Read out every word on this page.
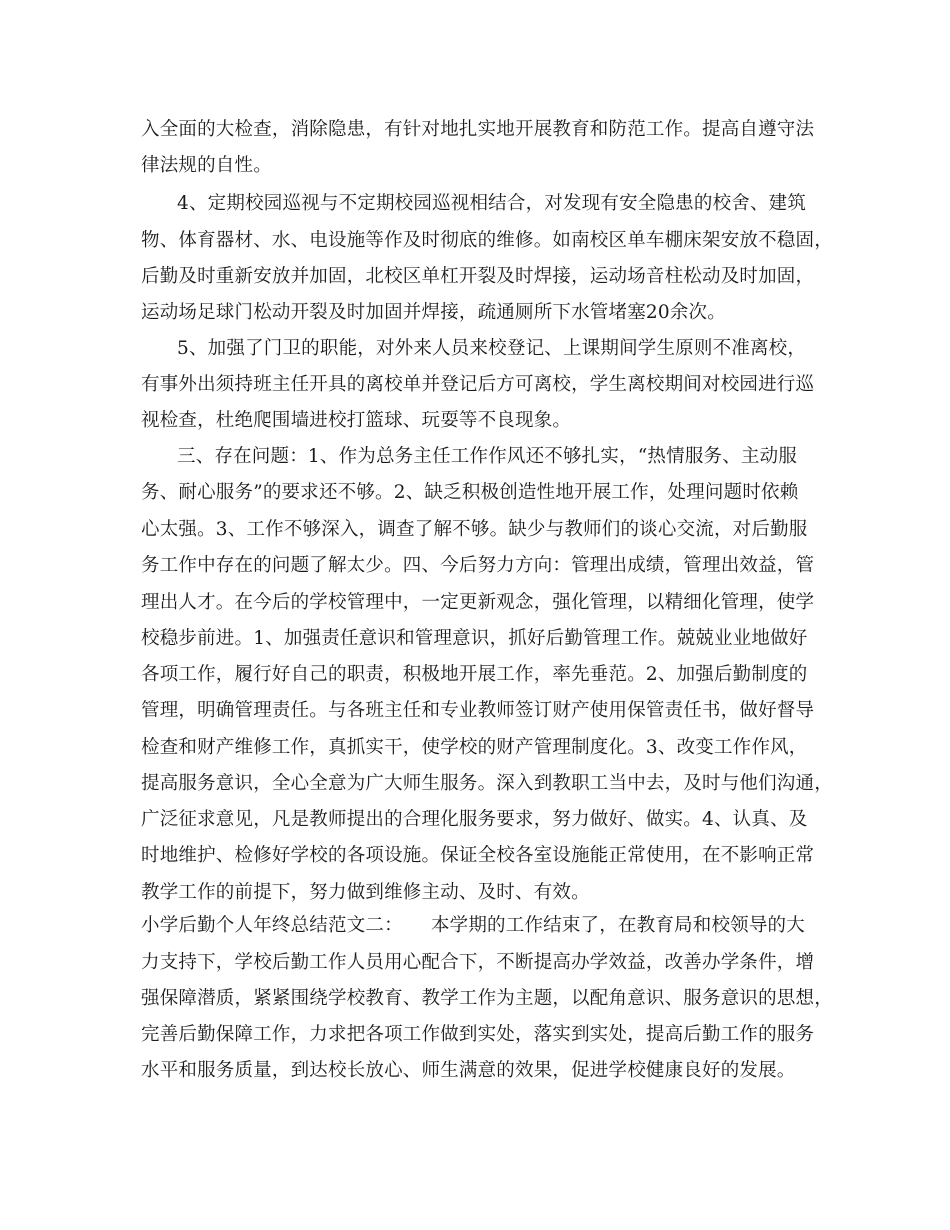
入全面的大检查，消除隐患，有针对地扎实地开展教育和防范工作。提高自遵守法
律法规的自性。
4、定期校园巡视与不定期校园巡视相结合，对发现有安全隐患的校舍、建筑
物、体育器材、水、电设施等作及时彻底的维修。如南校区单车棚床架安放不稳固，
后勤及时重新安放并加固，北校区单杠开裂及时焊接，运动场音柱松动及时加固，
运动场足球门松动开裂及时加固并焊接，疏通厕所下水管堵塞20余次。
5、加强了门卫的职能，对外来人员来校登记、上课期间学生原则不准离校，
有事外出须持班主任开具的离校单并登记后方可离校，学生离校期间对校园进行巡
视检查，杜绝爬围墙进校打篮球、玩耍等不良现象。
三、存在问题：1、作为总务主任工作作风还不够扎实，“热情服务、主动服
务、耐心服务”的要求还不够。2、缺乏积极创造性地开展工作，处理问题时依赖
心太强。3、工作不够深入，调查了解不够。缺少与教师们的谈心交流，对后勤服
务工作中存在的问题了解太少。四、今后努力方向：管理出成绩，管理出效益，管
理出人才。在今后的学校管理中，一定更新观念，强化管理，以精细化管理，使学
校稳步前进。1、加强责任意识和管理意识，抓好后勤管理工作。兢兢业业地做好
各项工作，履行好自己的职责，积极地开展工作，率先垂范。2、加强后勤制度的
管理，明确管理责任。与各班主任和专业教师签订财产使用保管责任书，做好督导
检查和财产维修工作，真抓实干，使学校的财产管理制度化。3、改变工作作风，
提高服务意识，全心全意为广大师生服务。深入到教职工当中去，及时与他们沟通，
广泛征求意见，凡是教师提出的合理化服务要求，努力做好、做实。4、认真、及
时地维护、检修好学校的各项设施。保证全校各室设施能正常使用，在不影响正常
教学工作的前提下，努力做到维修主动、及时、有效。
小学后勤个人年终总结范文二：　　本学期的工作结束了，在教育局和校领导的大
力支持下，学校后勤工作人员用心配合下，不断提高办学效益，改善办学条件，增
强保障潜质，紧紧围绕学校教育、教学工作为主题，以配角意识、服务意识的思想，
完善后勤保障工作，力求把各项工作做到实处，落实到实处，提高后勤工作的服务
水平和服务质量，到达校长放心、师生满意的效果，促进学校健康良好的发展。
